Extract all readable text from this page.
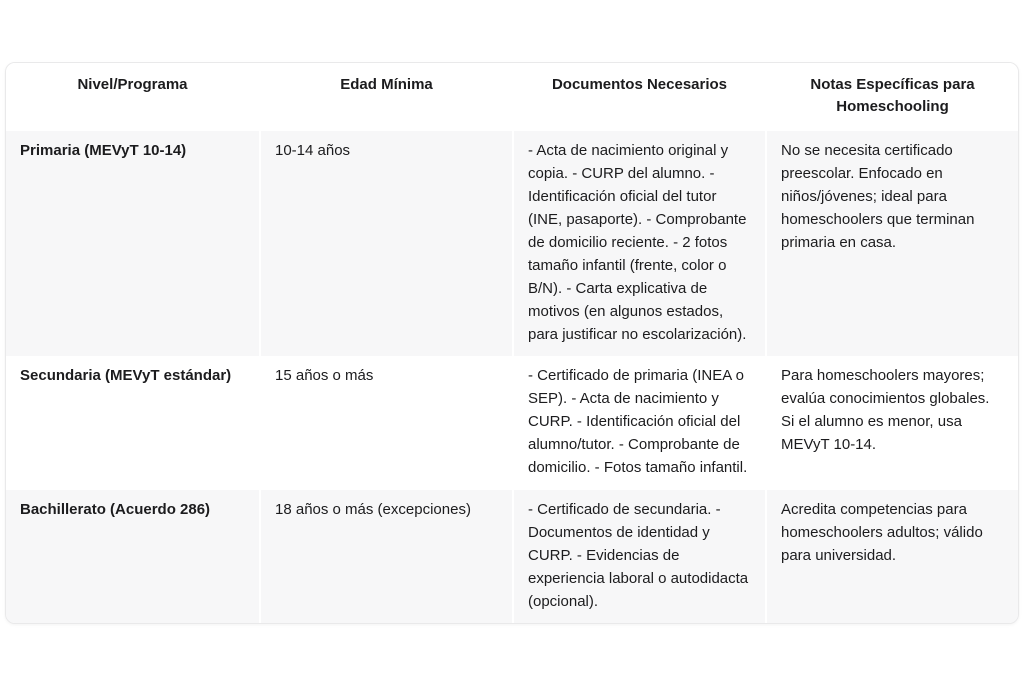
Nivel/Programa	Edad Mínima	Documentos Necesarios	Notas Específicas para Homeschooling
Primaria (MEVyT 10-14)	10-14 años	- Acta de nacimiento original y copia. - CURP del alumno. - Identificación oficial del tutor (INE, pasaporte). - Comprobante de domicilio reciente. - 2 fotos tamaño infantil (frente, color o B/N). - Carta explicativa de motivos (en algunos estados, para justificar no escolarización).	No se necesita certificado preescolar. Enfocado en niños/jóvenes; ideal para homeschoolers que terminan primaria en casa.
Secundaria (MEVyT estándar)	15 años o más	- Certificado de primaria (INEA o SEP). - Acta de nacimiento y CURP. - Identificación oficial del alumno/tutor. - Comprobante de domicilio. - Fotos tamaño infantil.	Para homeschoolers mayores; evalúa conocimientos globales. Si el alumno es menor, usa MEVyT 10-14.
Bachillerato (Acuerdo 286)	18 años o más (excepciones)	- Certificado de secundaria. - Documentos de identidad y CURP. - Evidencias de experiencia laboral o autodidacta (opcional).	Acredita competencias para homeschoolers adultos; válido para universidad.
